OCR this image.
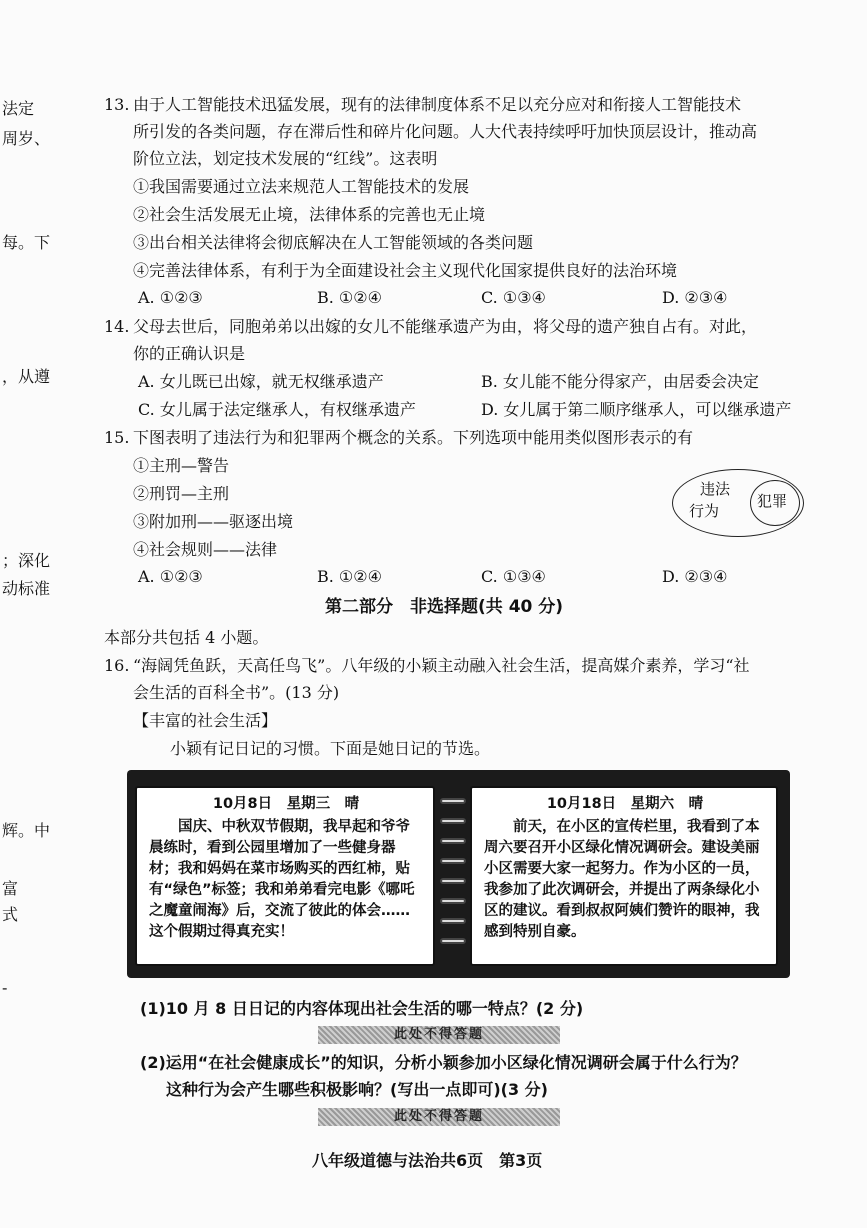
法定
周岁、
每。下
，从遵
；深化
动标准
辉。中
富
式
-
13. 由于人工智能技术迅猛发展，现有的法律制度体系不足以充分应对和衔接人工智能技术
所引发的各类问题，存在滞后性和碎片化问题。人大代表持续呼吁加快顶层设计，推动高
阶位立法，划定技术发展的“红线”。这表明
①我国需要通过立法来规范人工智能技术的发展
②社会生活发展无止境，法律体系的完善也无止境
③出台相关法律将会彻底解决在人工智能领域的各类问题
④完善法律体系，有利于为全面建设社会主义现代化国家提供良好的法治环境
A. ①②③	B. ①②④	C. ①③④	D. ②③④
14. 父母去世后，同胞弟弟以出嫁的女儿不能继承遗产为由，将父母的遗产独自占有。对此，
你的正确认识是
A. 女儿既已出嫁，就无权继承遗产	B. 女儿能不能分得家产，由居委会决定
C. 女儿属于法定继承人，有权继承遗产	D. 女儿属于第二顺序继承人，可以继承遗产
15. 下图表明了违法行为和犯罪两个概念的关系。下列选项中能用类似图形表示的有
①主刑—警告
②刑罚—主刑
③附加刑——驱逐出境
④社会规则——法律
A. ①②③	B. ①②④	C. ①③④	D. ②③④
违法
行为
犯罪
第二部分　非选择题(共 40 分)
本部分共包括 4 小题。
16. “海阔凭鱼跃，天高任鸟飞”。八年级的小颖主动融入社会生活，提高媒介素养，学习“社
会生活的百科全书”。(13 分)
【丰富的社会生活】
小颖有记日记的习惯。下面是她日记的节选。
10月8日　星期三　晴

国庆、中秋双节假期，我早起和爷爷晨练时，看到公园里增加了一些健身器材；我和妈妈在菜市场购买的西红柿，贴有“绿色”标签；我和弟弟看完电影《哪吒之魔童闹海》后，交流了彼此的体会……这个假期过得真充实！

10月18日　星期六　晴

前天，在小区的宣传栏里，我看到了本周六要召开小区绿化情况调研会。建设美丽小区需要大家一起努力。作为小区的一员，我参加了此次调研会，并提出了两条绿化小区的建议。看到叔叔阿姨们赞许的眼神，我感到特别自豪。

(1)10 月 8 日日记的内容体现出社会生活的哪一特点？(2 分)
此处不得答题
(2)运用“在社会健康成长”的知识，分析小颖参加小区绿化情况调研会属于什么行为？
这种行为会产生哪些积极影响？(写出一点即可)(3 分)
此处不得答题
八年级道德与法治共6页　第3页
